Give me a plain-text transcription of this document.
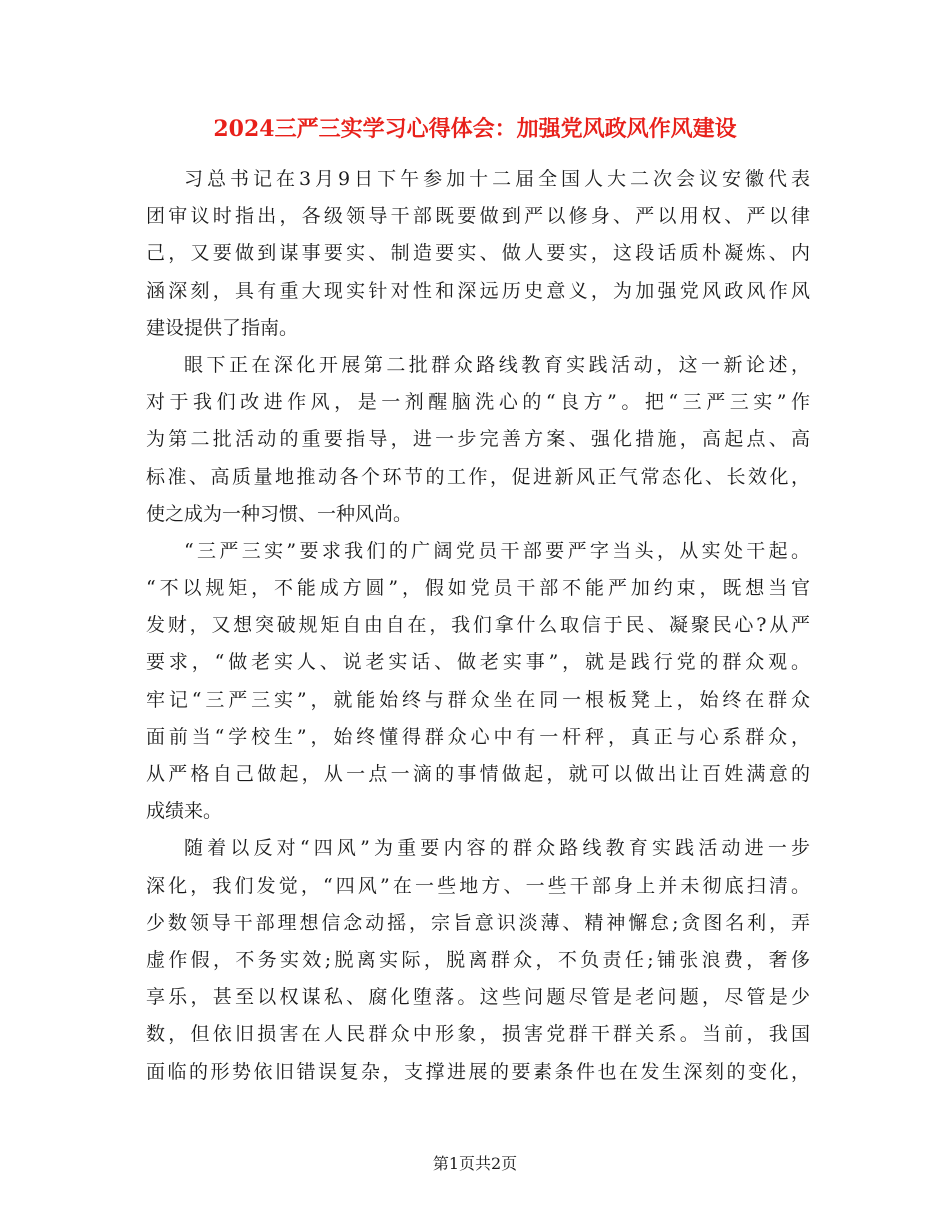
2024三严三实学习心得体会：加强党风政风作风建设
习总书记在3月9日下午参加十二届全国人大二次会议安徽代表
团审议时指出，各级领导干部既要做到严以修身、严以用权、严以律
己，又要做到谋事要实、制造要实、做人要实，这段话质朴凝炼、内
涵深刻，具有重大现实针对性和深远历史意义，为加强党风政风作风
建设提供了指南。
眼下正在深化开展第二批群众路线教育实践活动，这一新论述，
对于我们改进作风，是一剂醒脑洗心的“良方”。把“三严三实”作
为第二批活动的重要指导，进一步完善方案、强化措施，高起点、高
标准、高质量地推动各个环节的工作，促进新风正气常态化、长效化，
使之成为一种习惯、一种风尚。
“三严三实”要求我们的广阔党员干部要严字当头，从实处干起。
“不以规矩，不能成方圆”，假如党员干部不能严加约束，既想当官
发财，又想突破规矩自由自在，我们拿什么取信于民、凝聚民心?从严
要求，“做老实人、说老实话、做老实事”，就是践行党的群众观。
牢记“三严三实”，就能始终与群众坐在同一根板凳上，始终在群众
面前当“学校生”，始终懂得群众心中有一杆秤，真正与心系群众，
从严格自己做起，从一点一滴的事情做起，就可以做出让百姓满意的
成绩来。
随着以反对“四风”为重要内容的群众路线教育实践活动进一步
深化，我们发觉，“四风”在一些地方、一些干部身上并未彻底扫清。
少数领导干部理想信念动摇，宗旨意识淡薄、精神懈怠;贪图名利，弄
虚作假，不务实效;脱离实际，脱离群众，不负责任;铺张浪费，奢侈
享乐，甚至以权谋私、腐化堕落。这些问题尽管是老问题，尽管是少
数，但依旧损害在人民群众中形象，损害党群干群关系。当前，我国
面临的形势依旧错误复杂，支撑进展的要素条件也在发生深刻的变化，
第1页共2页
